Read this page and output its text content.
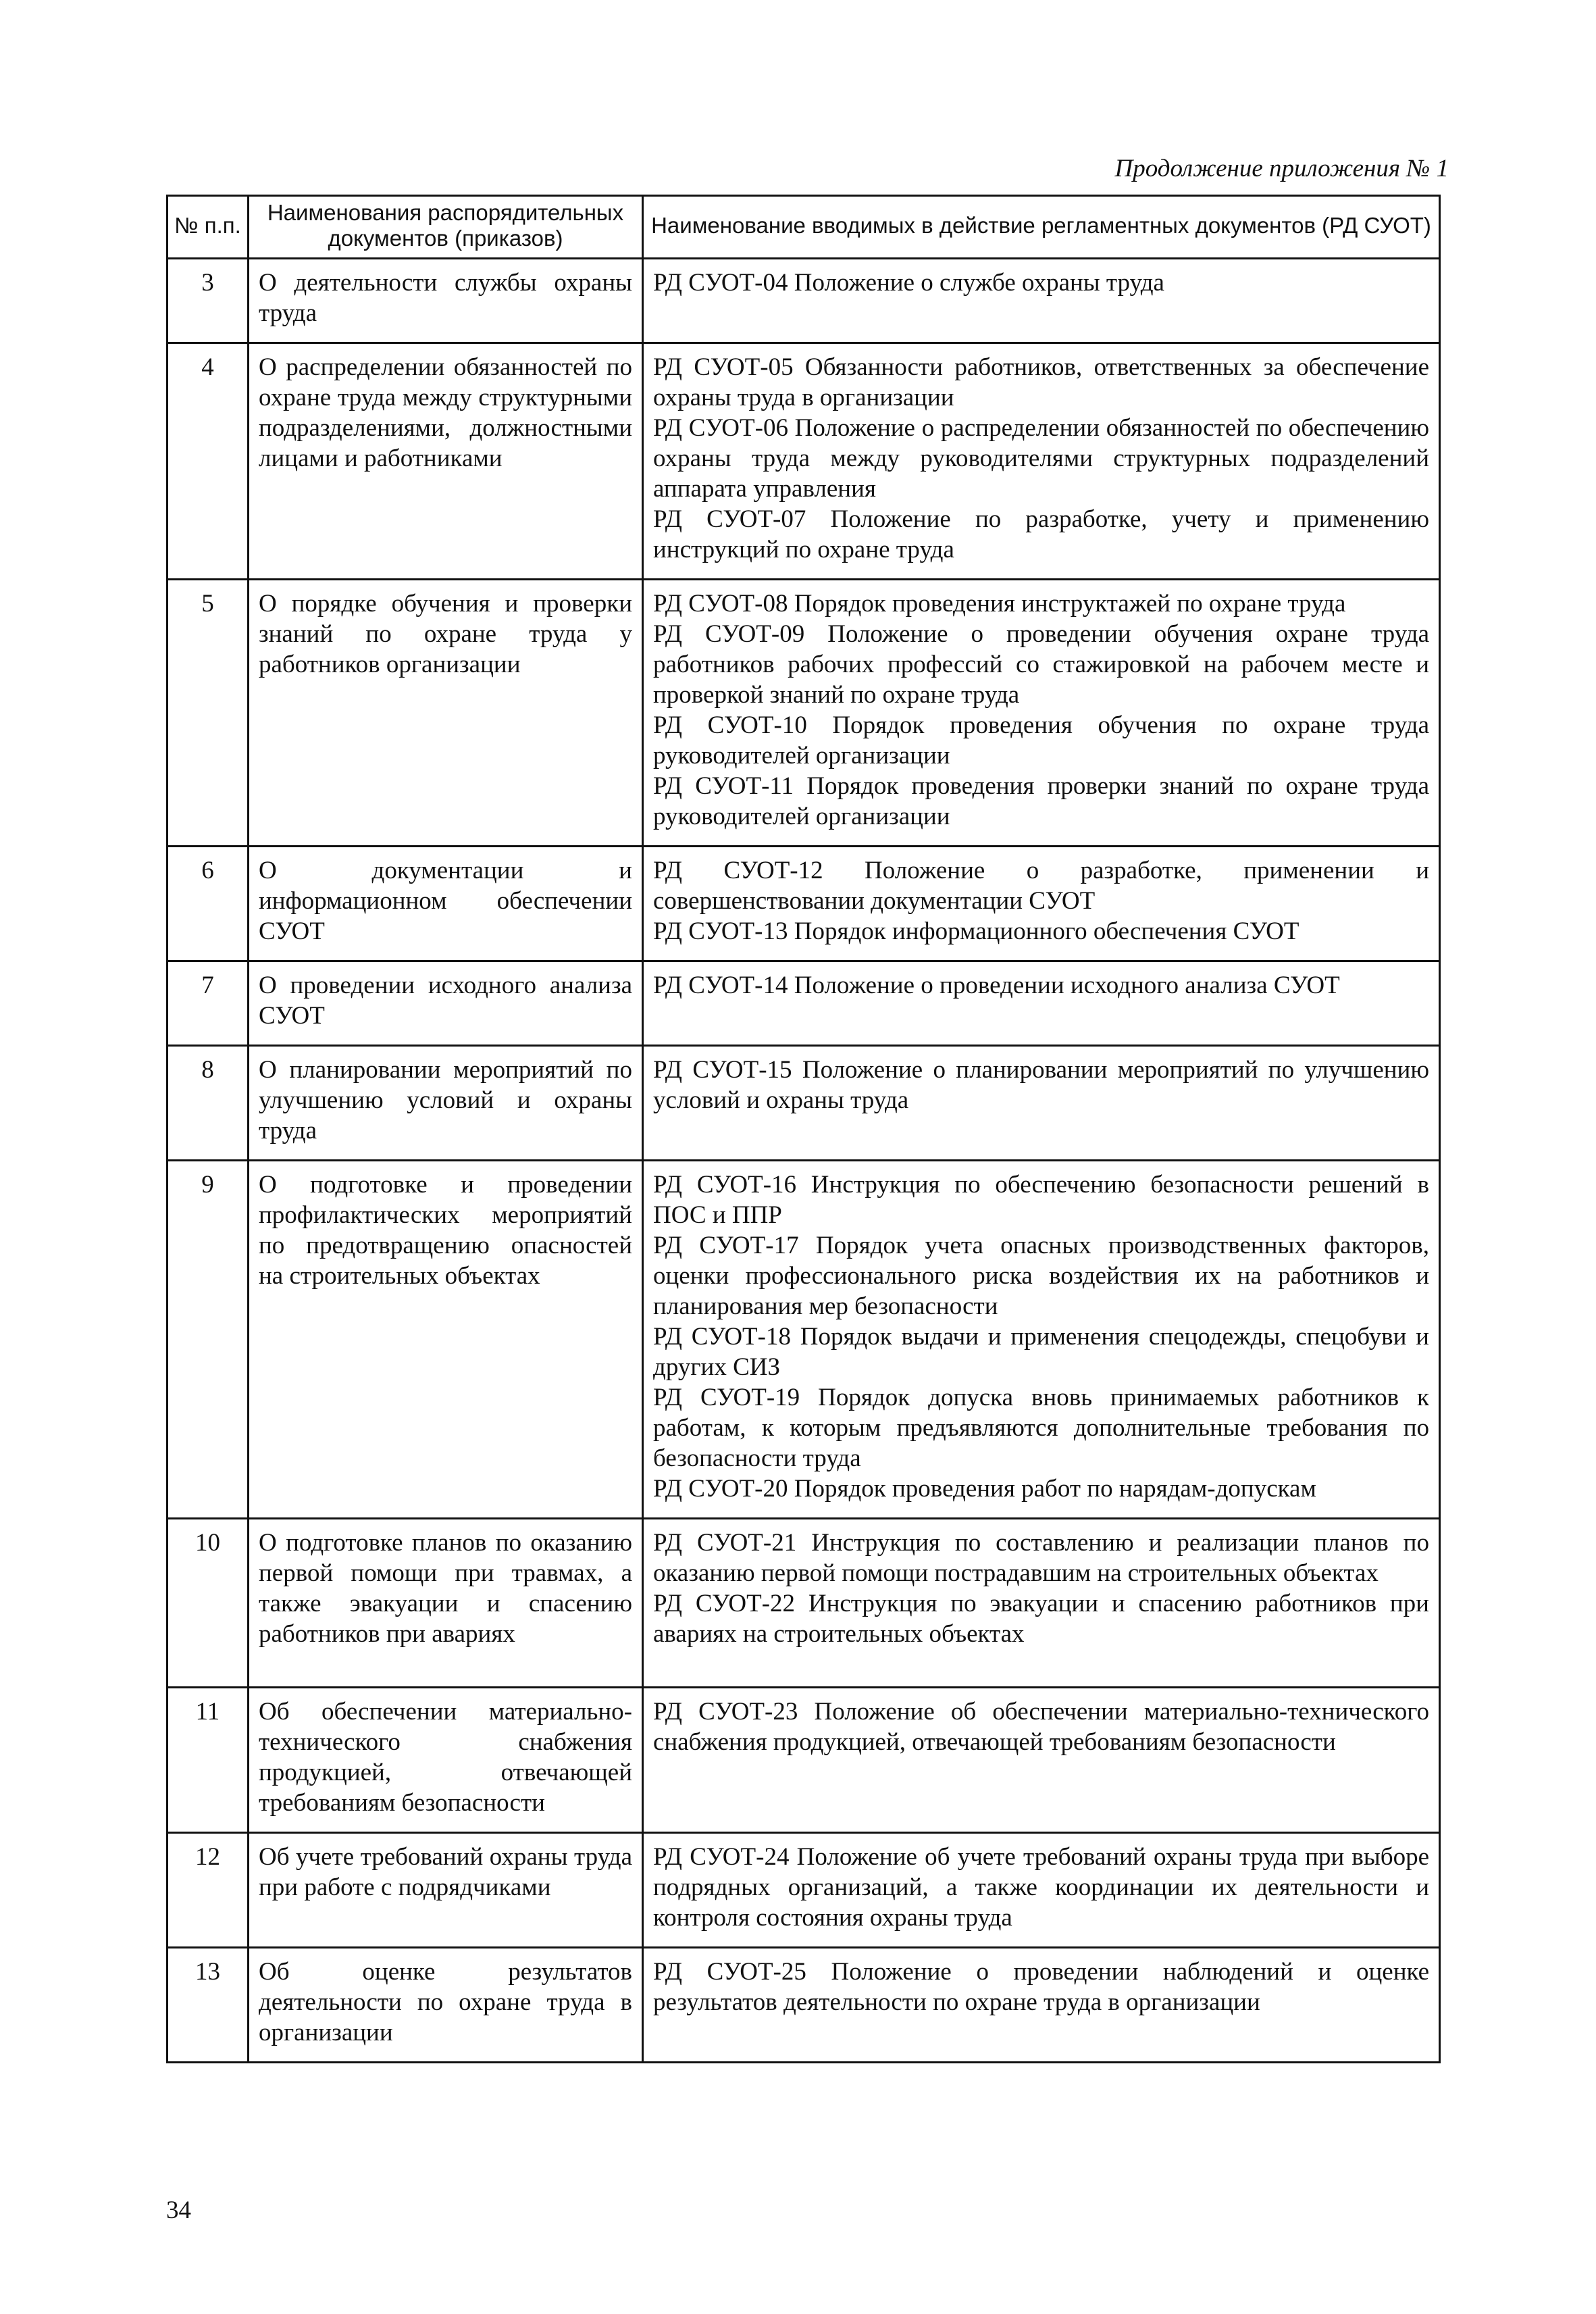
Продолжение приложения № 1
№ п.п.	Наименования распорядительных документов (приказов)	Наименование вводимых в действие регламентных документов (РД СУОТ)
3	О деятельности службы охраны труда	РД СУОТ-04 Положение о службе охраны труда

4	О распределении обязанностей по охране труда между структурными подразделениями, должностными лицами и работниками	РД СУОТ-05 Обязанности работников, ответственных за обеспечение охраны труда в организации
РД СУОТ-06 Положение о распределении обязанностей по обеспечению охраны труда между руководителями структурных подразделений аппарата управления
РД СУОТ-07 Положение по разработке, учету и применению инструкций по охране труда

5	О порядке обучения и проверки знаний по охране труда у работников организации	РД СУОТ-08 Порядок проведения инструктажей по охране труда
РД СУОТ-09 Положение о проведении обучения охране труда работников рабочих профессий со стажировкой на рабочем месте и проверкой знаний по охране труда
РД СУОТ-10 Порядок проведения обучения по охране труда руководителей организации
РД СУОТ-11 Порядок проведения проверки знаний по охране труда руководителей организации

6	О документации и информационном обеспечении СУОТ	РД СУОТ-12 Положение о разработке, применении и совершенствовании документации СУОТ
РД СУОТ-13 Порядок информационного обеспечения СУОТ

7	О проведении исходного анализа СУОТ	РД СУОТ-14 Положение о проведении исходного анализа СУОТ

8	О планировании мероприятий по улучшению условий и охраны труда	РД СУОТ-15 Положение о планировании мероприятий по улучшению условий и охраны труда

9	О подготовке и проведении профилактических мероприятий по предотвращению опасностей на строительных объектах	РД СУОТ-16 Инструкция по обеспечению безопасности решений в ПОС и ППР
РД СУОТ-17 Порядок учета опасных производственных факторов, оценки профессионального риска воздействия их на работников и планирования мер безопасности
РД СУОТ-18 Порядок выдачи и применения спецодежды, спецобуви и других СИЗ
РД СУОТ-19 Порядок допуска вновь принимаемых работников к работам, к которым предъявляются дополнительные требования по безопасности труда
РД СУОТ-20 Порядок проведения работ по нарядам-допускам

10	О подготовке планов по оказанию первой помощи при травмах, а также эвакуации и спасению работников при авариях	РД СУОТ-21 Инструкция по составлению и реализации планов по оказанию первой помощи пострадавшим на строительных объектах
РД СУОТ-22 Инструкция по эвакуации и спасению работников при авариях на строительных объектах

11	Об обеспечении материально-технического снабжения продукцией, отвечающей требованиям безопасности	РД СУОТ-23 Положение об обеспечении материально-технического снабжения продукцией, отвечающей требованиям безопасности

12	Об учете требований охраны труда при работе с подрядчиками	РД СУОТ-24 Положение об учете требований охраны труда при выборе подрядных организаций, а также координации их деятельности и контроля состояния охраны труда

13	Об оценке результатов деятельности по охране труда в организации	РД СУОТ-25 Положение о проведении наблюдений и оценке результатов деятельности по охране труда в организации
34
